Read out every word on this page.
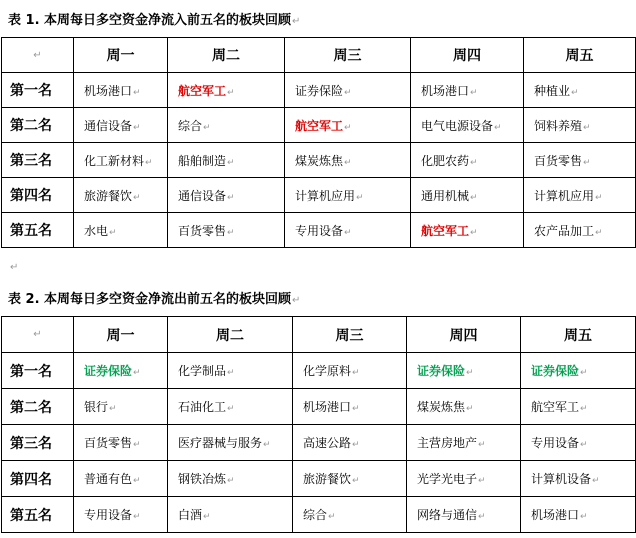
表 1. 本周每日多空资金净流入前五名的板块回顾↵
↵	周一	周二	周三	周四	周五
第一名	机场港口 ↵	航空军工 ↵	证券保险 ↵	机场港口 ↵	种植业 ↵
第二名	通信设备 ↵	综合 ↵	航空军工 ↵	电气电源设备 ↵	饲料养殖 ↵
第三名	化工新材料 ↵	船舶制造 ↵	煤炭炼焦 ↵	化肥农药 ↵	百货零售 ↵
第四名	旅游餐饮 ↵	通信设备 ↵	计算机应用 ↵	通用机械 ↵	计算机应用 ↵
第五名	水电 ↵	百货零售 ↵	专用设备 ↵	航空军工 ↵	农产品加工 ↵
↵
表 2. 本周每日多空资金净流出前五名的板块回顾↵
↵	周一	周二	周三	周四	周五
第一名	证券保险 ↵	化学制品 ↵	化学原料 ↵	证券保险 ↵	证券保险 ↵
第二名	银行 ↵	石油化工 ↵	机场港口 ↵	煤炭炼焦 ↵	航空军工 ↵
第三名	百货零售 ↵	医疗器械与服务 ↵	高速公路 ↵	主营房地产 ↵	专用设备 ↵
第四名	普通有色 ↵	钢铁冶炼 ↵	旅游餐饮 ↵	光学光电子 ↵	计算机设备 ↵
第五名	专用设备 ↵	白酒 ↵	综合 ↵	网络与通信 ↵	机场港口 ↵
